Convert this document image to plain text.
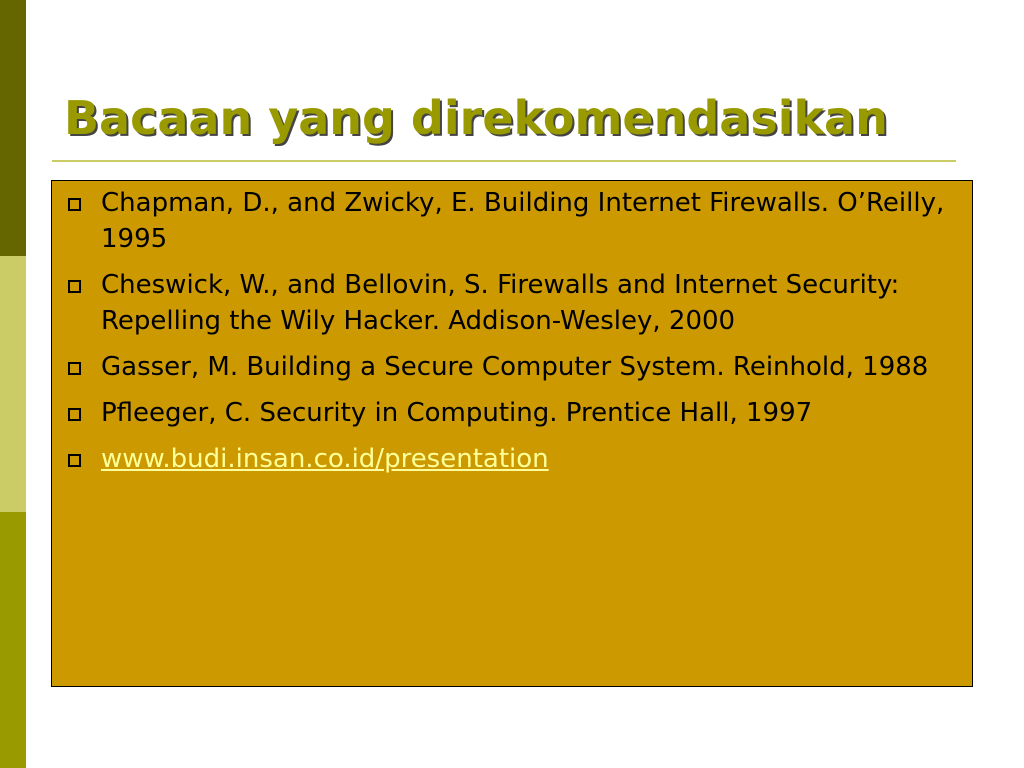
Bacaan yang direkomendasikan
Chapman, D., and Zwicky, E. Building Internet Firewalls. O’Reilly, 1995
Cheswick, W., and Bellovin, S. Firewalls and Internet Security: Repelling the Wily Hacker. Addison-Wesley, 2000
Gasser, M. Building a Secure Computer System. Reinhold, 1988
Pfleeger, C. Security in Computing. Prentice Hall, 1997
www.budi.insan.co.id/presentation
